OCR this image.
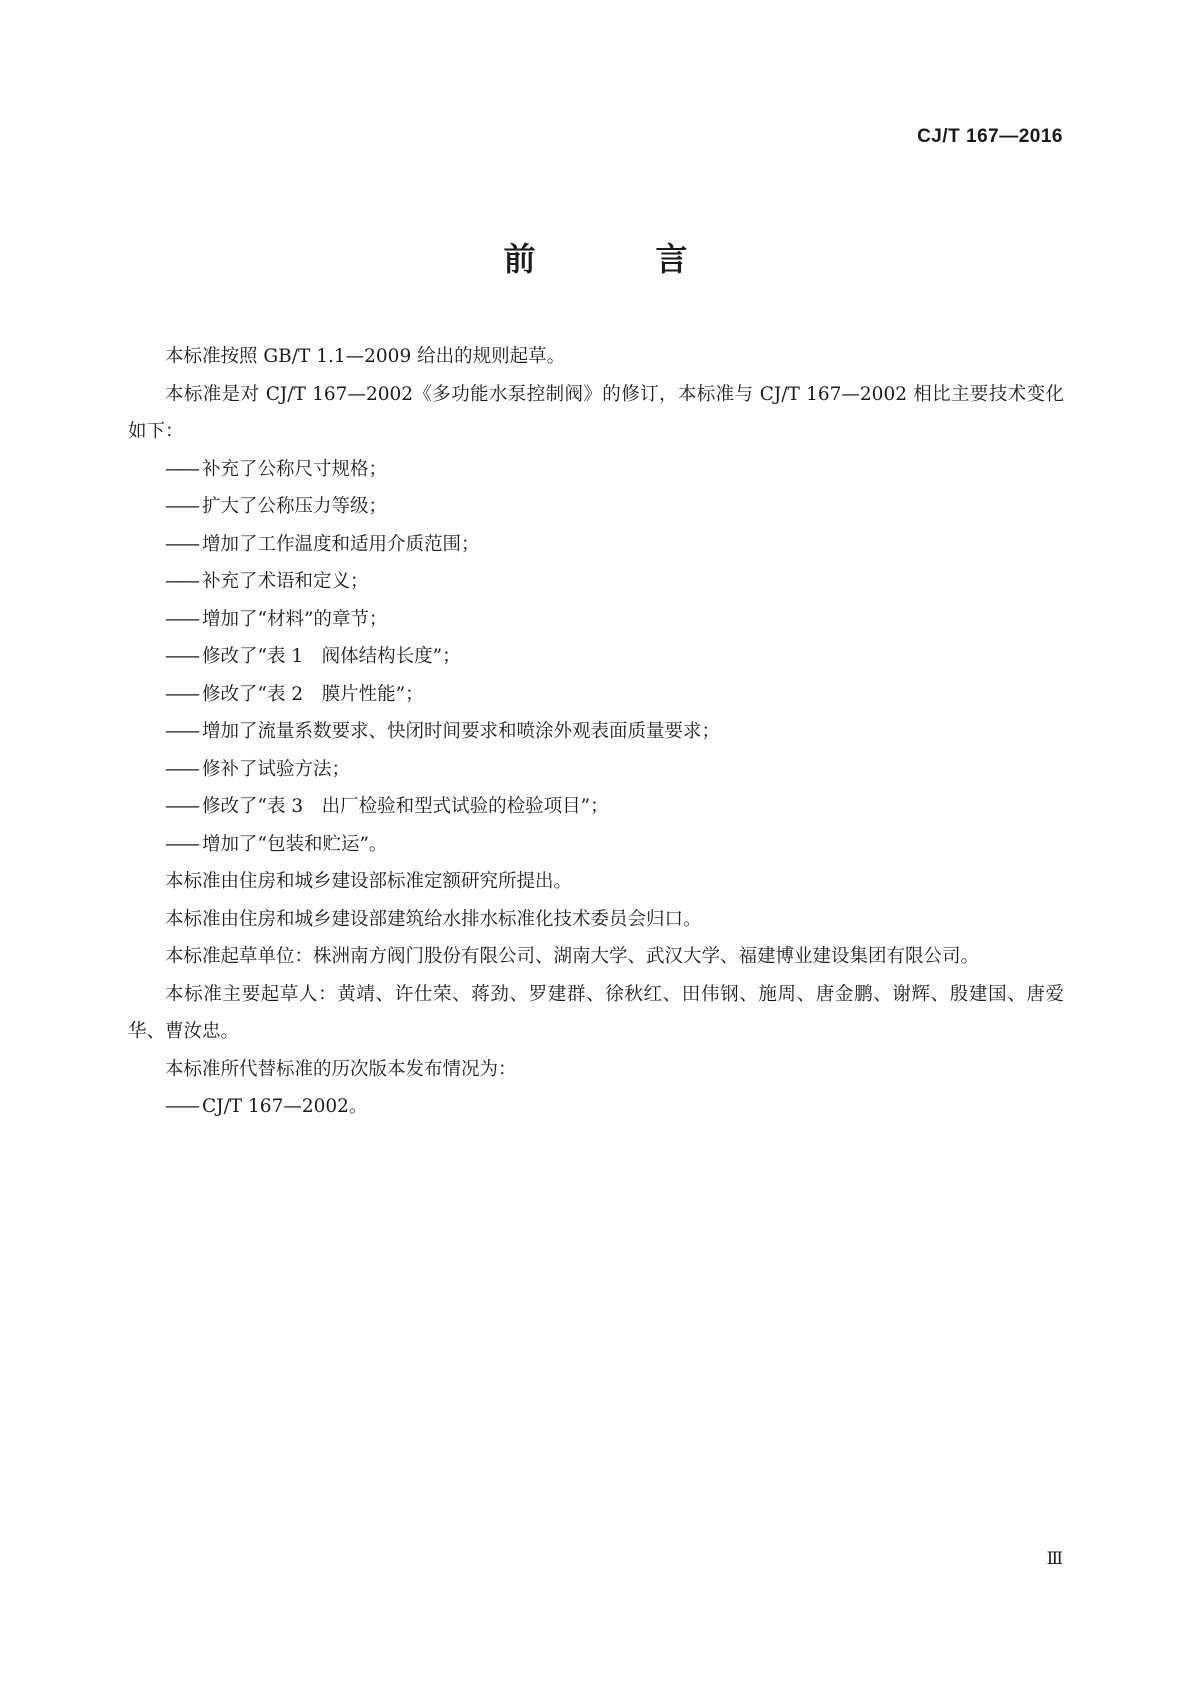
CJ/T 167—2016
前　言

本标准按照 GB/T 1.1—2009 给出的规则起草。

本标准是对 CJ/T 167—2002《多功能水泵控制阀》的修订，本标准与 CJ/T 167—2002 相比主要技术变化如下：

—— 补充了公称尺寸规格；

—— 扩大了公称压力等级；

—— 增加了工作温度和适用介质范围；

—— 补充了术语和定义；

—— 增加了“材料”的章节；

—— 修改了“表 1　阀体结构长度”；

—— 修改了“表 2　膜片性能”；

—— 增加了流量系数要求、快闭时间要求和喷涂外观表面质量要求；

—— 修补了试验方法；

—— 修改了“表 3　出厂检验和型式试验的检验项目”；

—— 增加了“包装和贮运”。

本标准由住房和城乡建设部标准定额研究所提出。

本标准由住房和城乡建设部建筑给水排水标准化技术委员会归口。

本标准起草单位：株洲南方阀门股份有限公司、湖南大学、武汉大学、福建博业建设集团有限公司。

本标准主要起草人：黄靖、许仕荣、蒋劲、罗建群、徐秋红、田伟钢、施周、唐金鹏、谢辉、殷建国、唐爱华、曹汝忠。

本标准所代替标准的历次版本发布情况为：

—— CJ/T 167—2002。

Ⅲ
